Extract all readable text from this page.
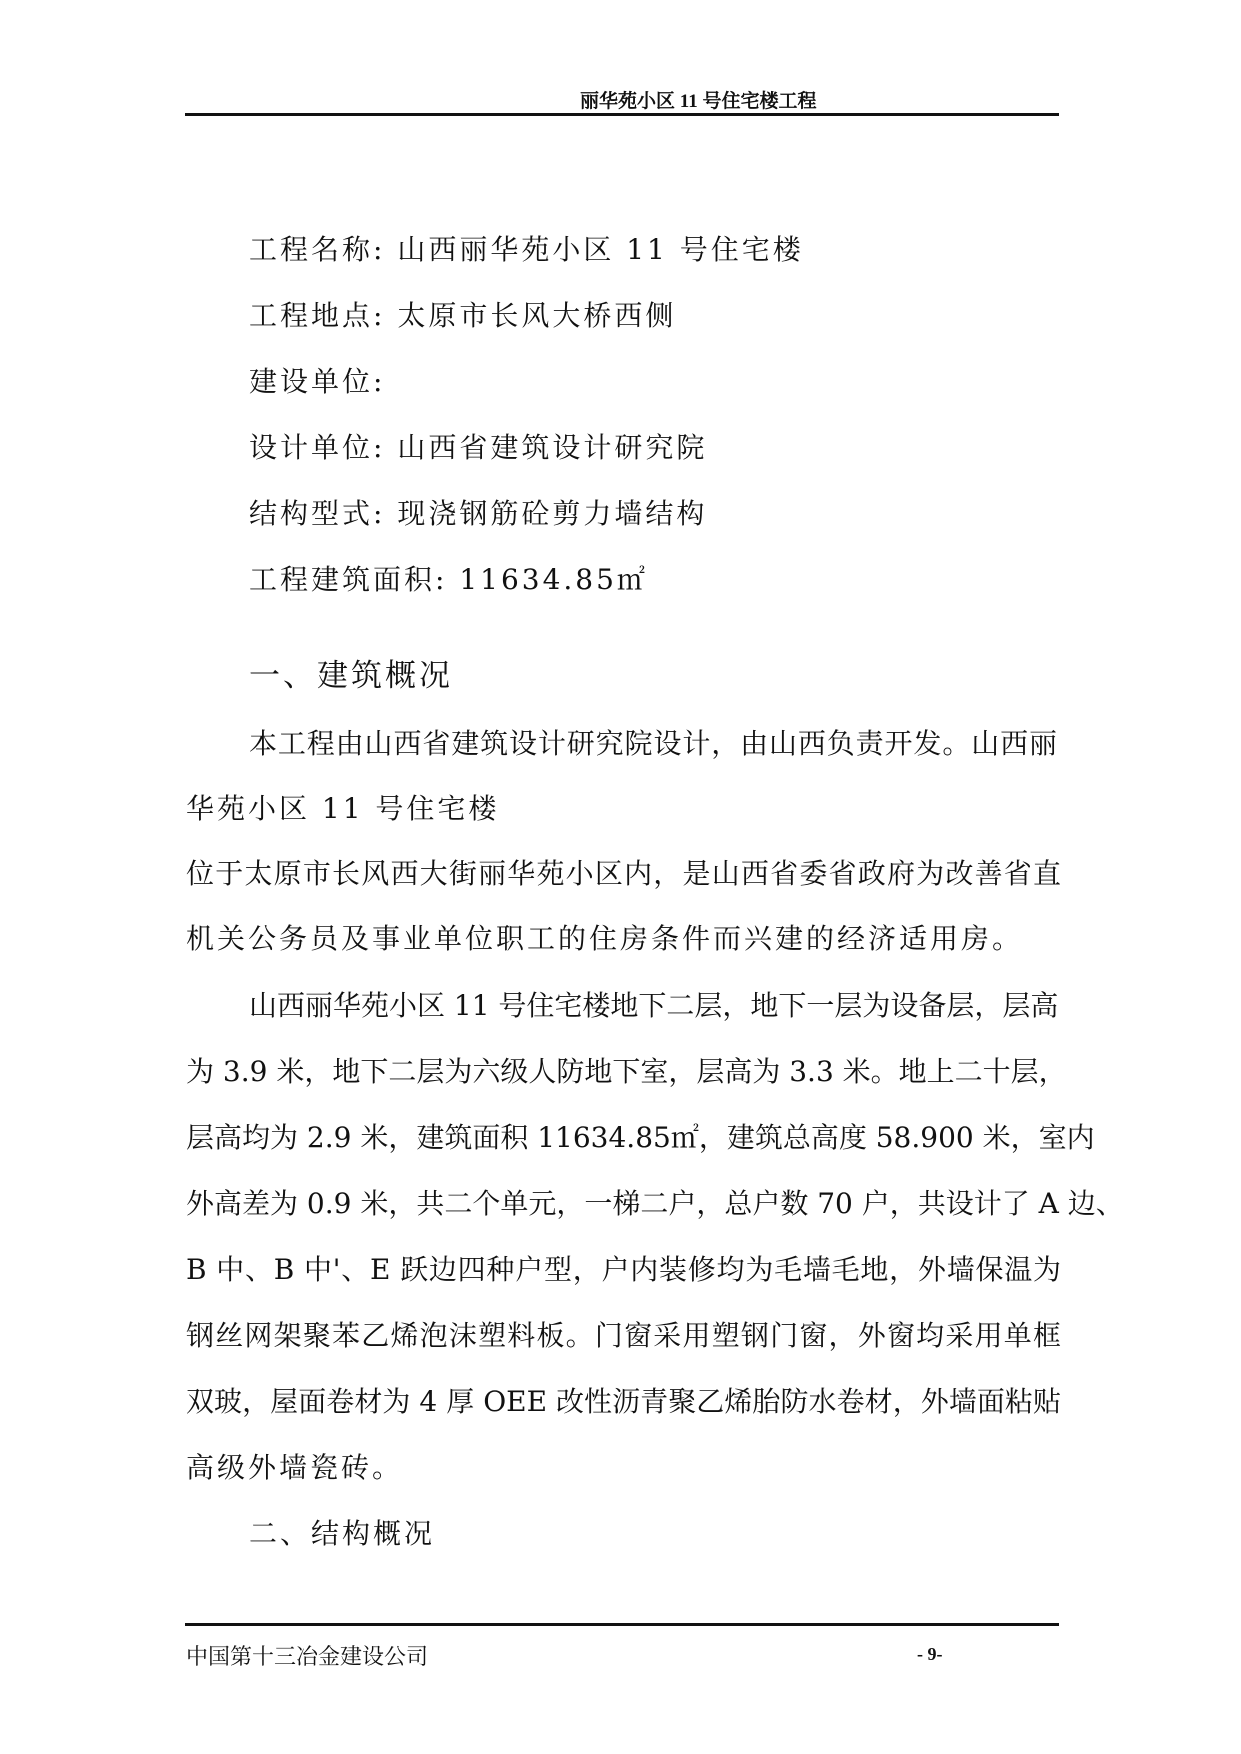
丽华苑小区 11 号住宅楼工程
工程名称: 山西丽华苑小区 11 号住宅楼
工程地点: 太原市长风大桥西侧
建设单位:
设计单位: 山西省建筑设计研究院
结构型式: 现浇钢筋砼剪力墙结构
工程建筑面积: 11634.85㎡
一、建筑概况
本工程由山西省建筑设计研究院设计，由山西负责开发。山西丽
华苑小区 11 号住宅楼
位于太原市长风西大街丽华苑小区内，是山西省委省政府为改善省直
机关公务员及事业单位职工的住房条件而兴建的经济适用房。
山西丽华苑小区 11 号住宅楼地下二层，地下一层为设备层，层高
为 3.9 米，地下二层为六级人防地下室，层高为 3.3 米。地上二十层，
层高均为 2.9 米，建筑面积 11634.85㎡，建筑总高度 58.900 米，室内
外高差为 0.9 米，共二个单元，一梯二户，总户数 70 户，共设计了 A 边、
B 中、B 中'、E 跃边四种户型，户内装修均为毛墙毛地，外墙保温为
钢丝网架聚苯乙烯泡沫塑料板。门窗采用塑钢门窗，外窗均采用单框
双玻，屋面卷材为 4 厚 OEE 改性沥青聚乙烯胎防水卷材，外墙面粘贴
高级外墙瓷砖。
二、结构概况
中国第十三冶金建设公司	- 9-
